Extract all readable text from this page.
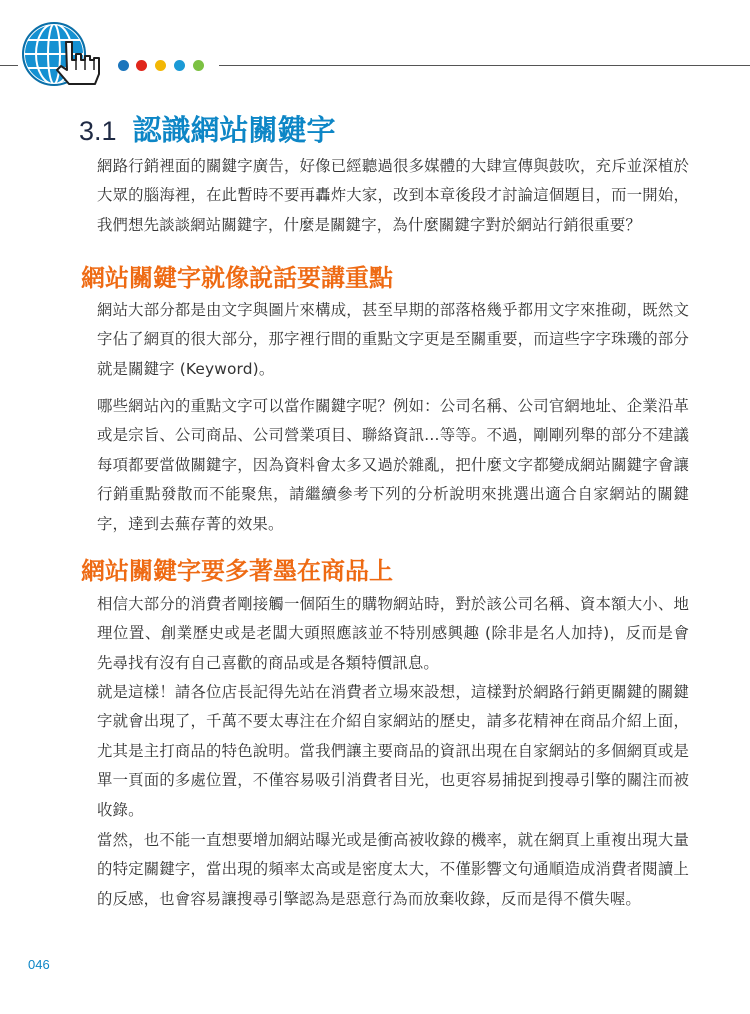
3.1 認識網站關鍵字

網路行銷裡面的關鍵字廣告，好像已經聽過很多媒體的大肆宣傳與鼓吹，充斥並深植於大眾的腦海裡，在此暫時不要再轟炸大家，改到本章後段才討論這個題目，而一開始，我們想先談談網站關鍵字，什麼是關鍵字，為什麼關鍵字對於網站行銷很重要？

網站關鍵字就像說話要講重點

網站大部分都是由文字與圖片來構成，甚至早期的部落格幾乎都用文字來推砌，既然文字佔了網頁的很大部分，那字裡行間的重點文字更是至關重要，而這些字字珠璣的部分就是關鍵字 (Keyword)。

哪些網站內的重點文字可以當作關鍵字呢？例如：公司名稱、公司官網地址、企業沿革或是宗旨、公司商品、公司營業項目、聯絡資訊…等等。不過，剛剛列舉的部分不建議每項都要當做關鍵字，因為資料會太多又過於雜亂，把什麼文字都變成網站關鍵字會讓行銷重點發散而不能聚焦，請繼續參考下列的分析說明來挑選出適合自家網站的關鍵字，達到去蕪存菁的效果。

網站關鍵字要多著墨在商品上

相信大部分的消費者剛接觸一個陌生的購物網站時，對於該公司名稱、資本額大小、地理位置、創業歷史或是老闆大頭照應該並不特別感興趣 (除非是名人加持)，反而是會先尋找有沒有自己喜歡的商品或是各類特價訊息。

就是這樣！請各位店長記得先站在消費者立場來設想，這樣對於網路行銷更關鍵的關鍵字就會出現了，千萬不要太專注在介紹自家網站的歷史，請多花精神在商品介紹上面，尤其是主打商品的特色說明。當我們讓主要商品的資訊出現在自家網站的多個網頁或是單一頁面的多處位置，不僅容易吸引消費者目光，也更容易捕捉到搜尋引擎的關注而被收錄。

當然，也不能一直想要增加網站曝光或是衝高被收錄的機率，就在網頁上重複出現大量的特定關鍵字，當出現的頻率太高或是密度太大，不僅影響文句通順造成消費者閱讀上的反感，也會容易讓搜尋引擎認為是惡意行為而放棄收錄，反而是得不償失喔。

046
